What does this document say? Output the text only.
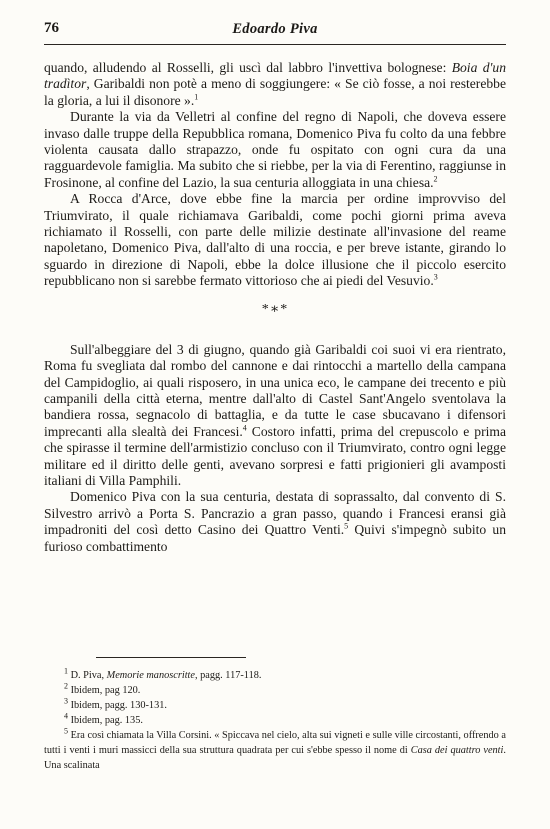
76	Edoardo Piva

quando, alludendo al Rosselli, gli uscì dal labbro l'invettiva bolognese: Boia d'un tradìtor, Garibaldi non potè a meno di soggiungere: « Se ciò fosse, a noi resterebbe la gloria, a lui il disonore ».$^1$

Durante la via da Velletri al confine del regno di Napoli, che doveva essere invaso dalle truppe della Repubblica romana, Domenico Piva fu colto da una febbre violenta causata dallo strapazzo, onde fu ospitato con ogni cura da una ragguardevole famiglia. Ma subito che si riebbe, per la via di Ferentino, raggiunse in Frosinone, al confine del Lazio, la sua centuria alloggiata in una chiesa.$^2$

A Rocca d'Arce, dove ebbe fine la marcia per ordine improvviso del Triumvirato, il quale richiamava Garibaldi, come pochi giorni prima aveva richiamato il Rosselli, con parte delle milizie destinate all'invasione del reame napoletano, Domenico Piva, dall'alto di una roccia, e per breve istante, girando lo sguardo in direzione di Napoli, ebbe la dolce illusione che il piccolo esercito repubblicano non si sarebbe fermato vittorioso che ai piedi del Vesuvio.$^3$

*∗*

Sull'albeggiare del 3 di giugno, quando già Garibaldi coi suoi vi era rientrato, Roma fu svegliata dal rombo del cannone e dai rintocchi a martello della campana del Campidoglio, ai quali risposero, in una unica eco, le campane dei trecento e più campanili della città eterna, mentre dall'alto di Castel Sant'Angelo sventolava la bandiera rossa, segnacolo di battaglia, e da tutte le case sbucavano i difensori imprecanti alla slealtà dei Francesi.$^4$ Costoro infatti, prima del crepuscolo e prima che spirasse il termine dell'armistizio concluso con il Triumvirato, contro ogni legge militare ed il diritto delle genti, avevano sorpresi e fatti prigionieri gli avamposti italiani di Villa Pamphili.

Domenico Piva con la sua centuria, destata di soprassalto, dal convento di S. Silvestro arrivò a Porta S. Pancrazio a gran passo, quando i Francesi eransi già impadroniti del così detto Casino dei Quattro Venti.$^5$ Quivi s'impegnò subito un furioso combattimento

$^1$ D. Piva, Memorie manoscritte, pagg. 117-118.

$^2$ Ibidem, pag 120.

$^3$ Ibidem, pagg. 130-131.

$^4$ Ibidem, pag. 135.

$^5$ Era così chiamata la Villa Corsini. « Spiccava nel cielo, alta sui vigneti e sulle ville circostanti, offrendo a tutti i venti i muri massicci della sua struttura quadrata per cui s'ebbe spesso il nome di Casa dei quattro venti. Una scalinata
